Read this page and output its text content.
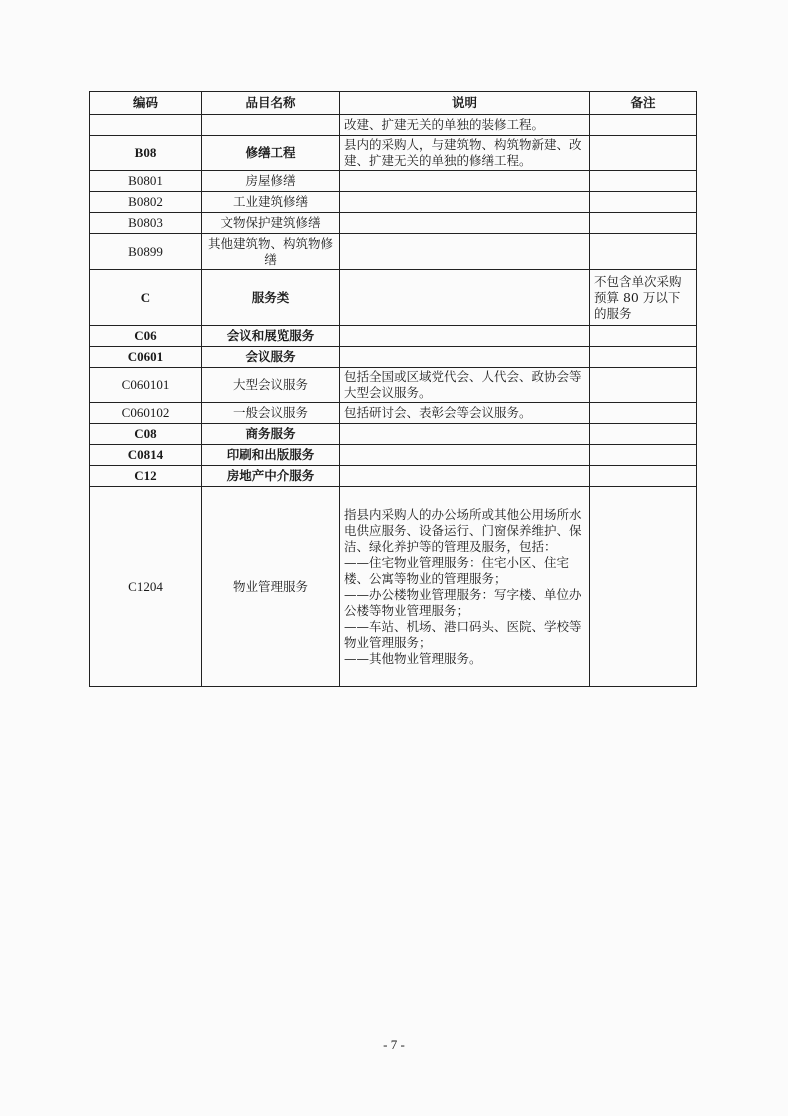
编码	品目名称	说明	备注
		改建、扩建无关的单独的装修工程。	
B08	修缮工程	县内的采购人，与建筑物、构筑物新建、改建、扩建无关的单独的修缮工程。	
B0801	房屋修缮		
B0802	工业建筑修缮		
B0803	文物保护建筑修缮		
B0899	其他建筑物、构筑物修缮		
C	服务类		不包含单次采购预算 80 万以下的服务
C06	会议和展览服务		
C0601	会议服务		
C060101	大型会议服务	包括全国或区域党代会、人代会、政协会等大型会议服务。	
C060102	一般会议服务	包括研讨会、表彰会等会议服务。	
C08	商务服务		
C0814	印刷和出版服务		
C12	房地产中介服务		
C1204	物业管理服务	指县内采购人的办公场所或其他公用场所水电供应服务、设备运行、门窗保养维护、保洁、绿化养护等的管理及服务，包括：
——住宅物业管理服务：住宅小区、住宅楼、公寓等物业的管理服务；
——办公楼物业管理服务：写字楼、单位办公楼等物业管理服务；
——车站、机场、港口码头、医院、学校等物业管理服务；
——其他物业管理服务。	
- 7 -
